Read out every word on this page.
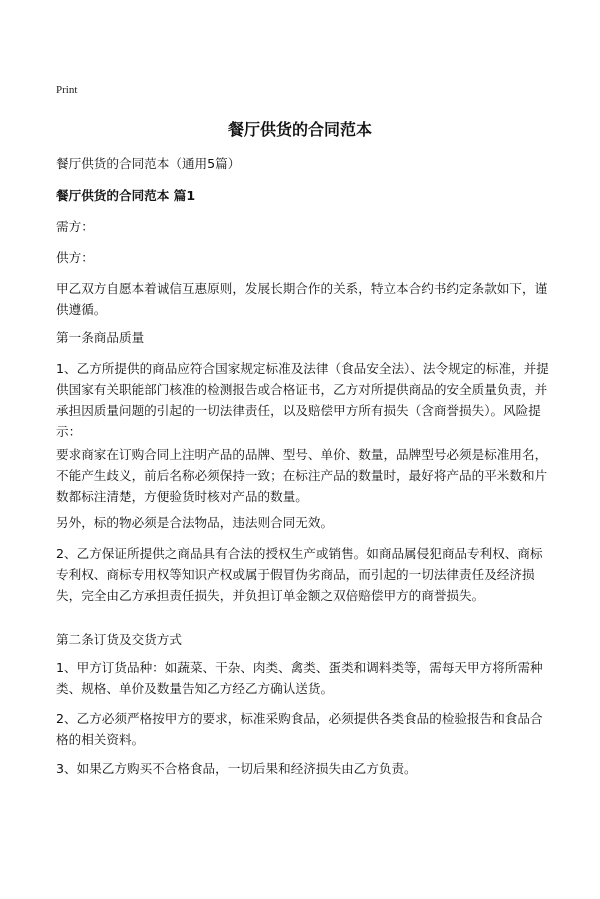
Print
餐厅供货的合同范本

餐厅供货的合同范本（通用5篇）

餐厅供货的合同范本 篇1

需方：

供方：

甲乙双方自愿本着诚信互惠原则，发展长期合作的关系，特立本合约书约定条款如下，谨供遵循。

第一条商品质量

1、乙方所提供的商品应符合国家规定标准及法律（食品安全法）、法令规定的标准，并提供国家有关职能部门核准的检测报告或合格证书，乙方对所提供商品的安全质量负责，并承担因质量问题的引起的一切法律责任，以及赔偿甲方所有损失（含商誉损失）。风险提示：

要求商家在订购合同上注明产品的品牌、型号、单价、数量，品牌型号必须是标准用名，不能产生歧义，前后名称必须保持一致；在标注产品的数量时，最好将产品的平米数和片数都标注清楚，方便验货时核对产品的数量。

另外，标的物必须是合法物品，违法则合同无效。

2、乙方保证所提供之商品具有合法的授权生产或销售。如商品属侵犯商品专利权、商标专利权、商标专用权等知识产权或属于假冒伪劣商品，而引起的一切法律责任及经济损失，完全由乙方承担责任损失，并负担订单金额之双倍赔偿甲方的商誉损失。

第二条订货及交货方式

1、甲方订货品种：如蔬菜、干杂、肉类、禽类、蛋类和调料类等，需每天甲方将所需种类、规格、单价及数量告知乙方经乙方确认送货。

2、乙方必须严格按甲方的要求，标准采购食品，必须提供各类食品的检验报告和食品合格的相关资料。

3、如果乙方购买不合格食品，一切后果和经济损失由乙方负责。
